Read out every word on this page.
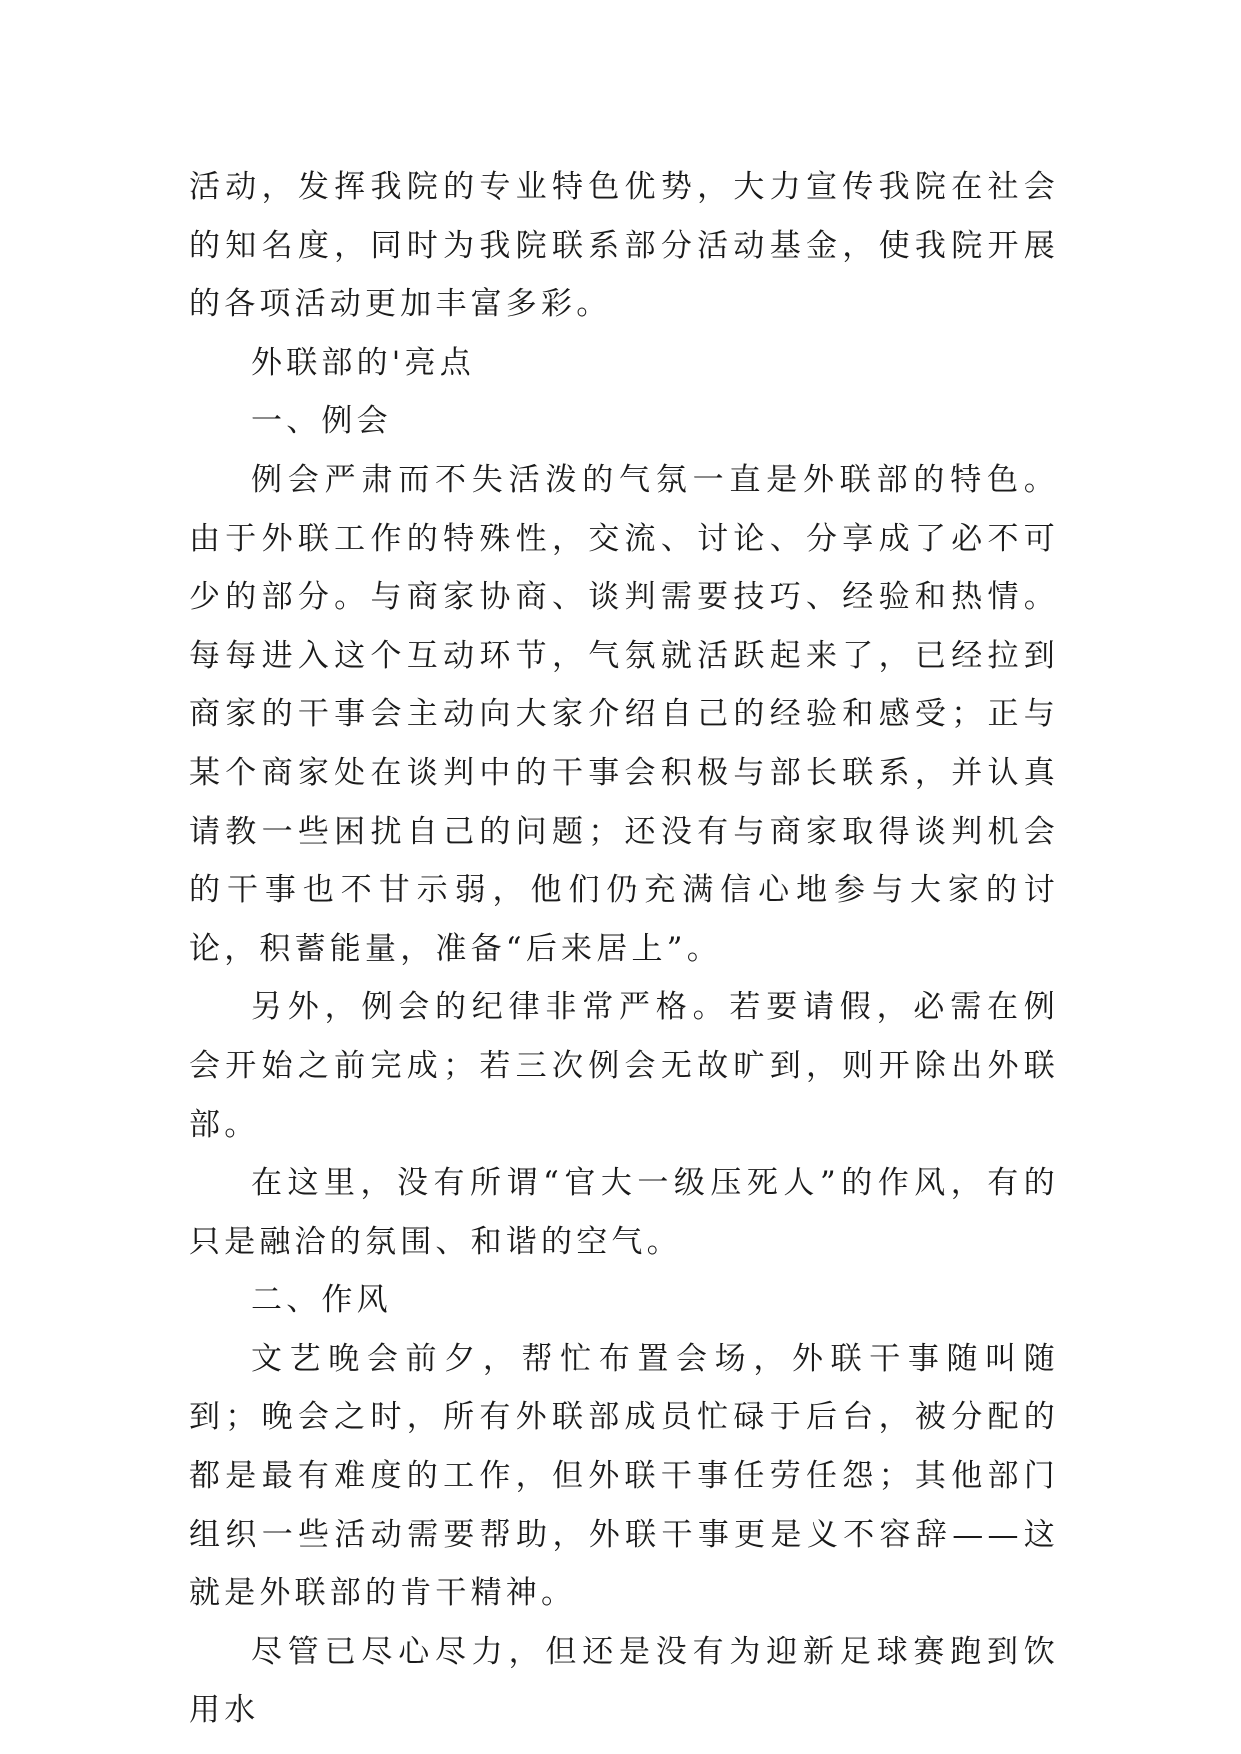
活动，发挥我院的专业特色优势，大力宣传我院在社会的知名度，同时为我院联系部分活动基金，使我院开展的各项活动更加丰富多彩。

外联部的'亮点

一、例会

例会严肃而不失活泼的气氛一直是外联部的特色。由于外联工作的特殊性，交流、讨论、分享成了必不可少的部分。与商家协商、谈判需要技巧、经验和热情。每每进入这个互动环节，气氛就活跃起来了，已经拉到商家的干事会主动向大家介绍自己的经验和感受；正与某个商家处在谈判中的干事会积极与部长联系，并认真请教一些困扰自己的问题；还没有与商家取得谈判机会的干事也不甘示弱，他们仍充满信心地参与大家的讨论，积蓄能量，准备“后来居上”。

另外，例会的纪律非常严格。若要请假，必需在例会开始之前完成；若三次例会无故旷到，则开除出外联部。

在这里，没有所谓“官大一级压死人”的作风，有的只是融洽的氛围、和谐的空气。

二、作风

文艺晚会前夕，帮忙布置会场，外联干事随叫随到；晚会之时，所有外联部成员忙碌于后台，被分配的都是最有难度的工作，但外联干事任劳任怨；其他部门组织一些活动需要帮助，外联干事更是义不容辞——这就是外联部的肯干精神。

尽管已尽心尽力，但还是没有为迎新足球赛跑到饮用水
